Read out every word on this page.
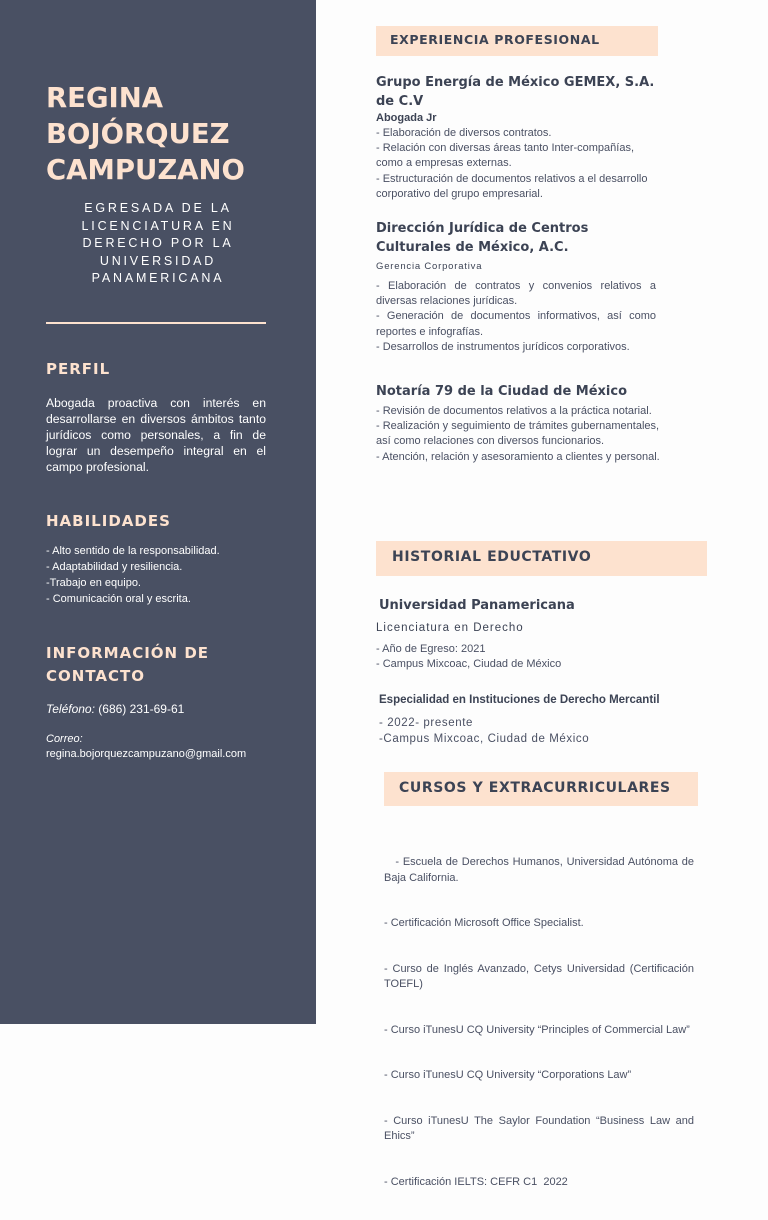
REGINA
BOJÓRQUEZ
CAMPUZANO

EGRESADA DE LA LICENCIATURA EN DERECHO POR LA UNIVERSIDAD PANAMERICANA

PERFIL

Abogada proactiva con interés en desarrollarse en diversos ámbitos tanto jurídicos como personales, a fin de lograr un desempeño integral en el campo profesional.

HABILIDADES
- Alto sentido de la responsabilidad.
- Adaptabilidad y resiliencia.
-Trabajo en equipo.
- Comunicación oral y escrita.
INFORMACIÓN DE
CONTACTO

Teléfono: (686) 231-69-61

Correo:

regina.bojorquezcampuzano@gmail.com

EXPERIENCIA PROFESIONAL

Grupo Energía de México GEMEX, S.A. de C.V

Abogada Jr

- Elaboración de diversos contratos.
- Relación con diversas áreas tanto Inter-compañías, como a empresas externas.
- Estructuración de documentos relativos a el desarrollo corporativo del grupo empresarial.

Dirección Jurídica de Centros Culturales de México, A.C.

Gerencia Corporativa

- Elaboración de contratos y convenios relativos a diversas relaciones jurídicas.
- Generación de documentos informativos, así como reportes e infografías.
- Desarrollos de instrumentos jurídicos corporativos.

Notaría 79 de la Ciudad de México

- Revisión de documentos relativos a la práctica notarial.
- Realización y seguimiento de trámites gubernamentales, así como relaciones con diversos funcionarios.
- Atención, relación y asesoramiento a clientes y personal.
HISTORIAL EDUCTATIVO

Universidad Panamericana

Licenciatura en Derecho

- Año de Egreso: 2021
- Campus Mixcoac, Ciudad de México

Especialidad en Instituciones de Derecho Mercantil

- 2022- presente
-Campus Mixcoac, Ciudad de México
CURSOS Y EXTRACURRICULARES

- Escuela de Derechos Humanos, Universidad Autónoma de Baja California.

- Certificación Microsoft Office Specialist.

- Curso de Inglés Avanzado, Cetys Universidad (Certificación TOEFL)

- Curso iTunesU CQ University “Principles of Commercial Law”

- Curso iTunesU CQ University “Corporations Law”

- Curso iTunesU The Saylor Foundation “Business Law and Ehics”

- Certificación IELTS: CEFR C1  2022
